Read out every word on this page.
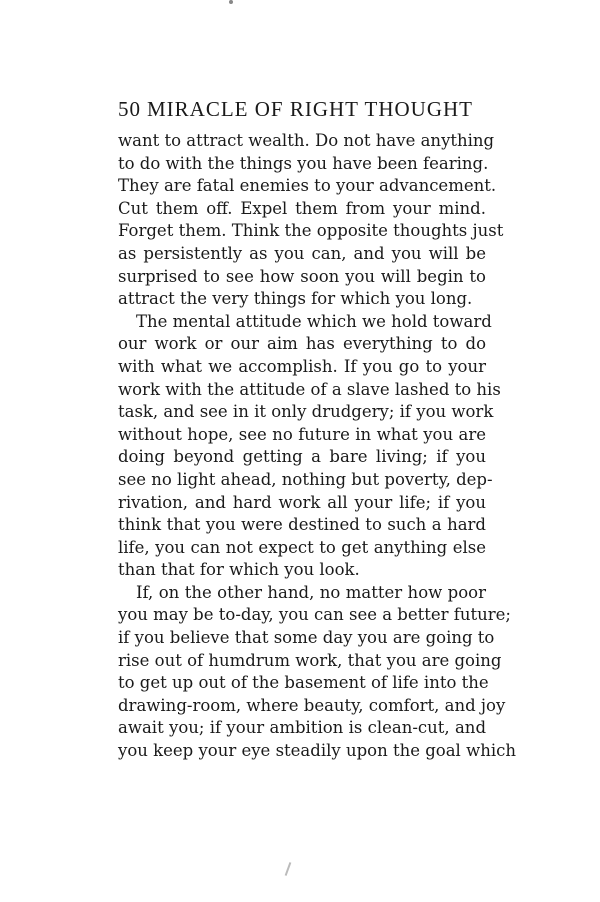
50 MIRACLE OF RIGHT THOUGHT
want to attract wealth. Do not have anything
to do with the things you have been fearing.
They are fatal enemies to your advancement.
Cut them off. Expel them from your mind.
Forget them. Think the opposite thoughts just
as persistently as you can, and you will be
surprised to see how soon you will begin to
attract the very things for which you long.
The mental attitude which we hold toward
our work or our aim has everything to do
with what we accomplish. If you go to your
work with the attitude of a slave lashed to his
task, and see in it only drudgery; if you work
without hope, see no future in what you are
doing beyond getting a bare living; if you
see no light ahead, nothing but poverty, dep-
rivation, and hard work all your life; if you
think that you were destined to such a hard
life, you can not expect to get anything else
than that for which you look.
If, on the other hand, no matter how poor
you may be to-day, you can see a better future;
if you believe that some day you are going to
rise out of humdrum work, that you are going
to get up out of the basement of life into the
drawing-room, where beauty, comfort, and joy
await you; if your ambition is clean-cut, and
you keep your eye steadily upon the goal which
